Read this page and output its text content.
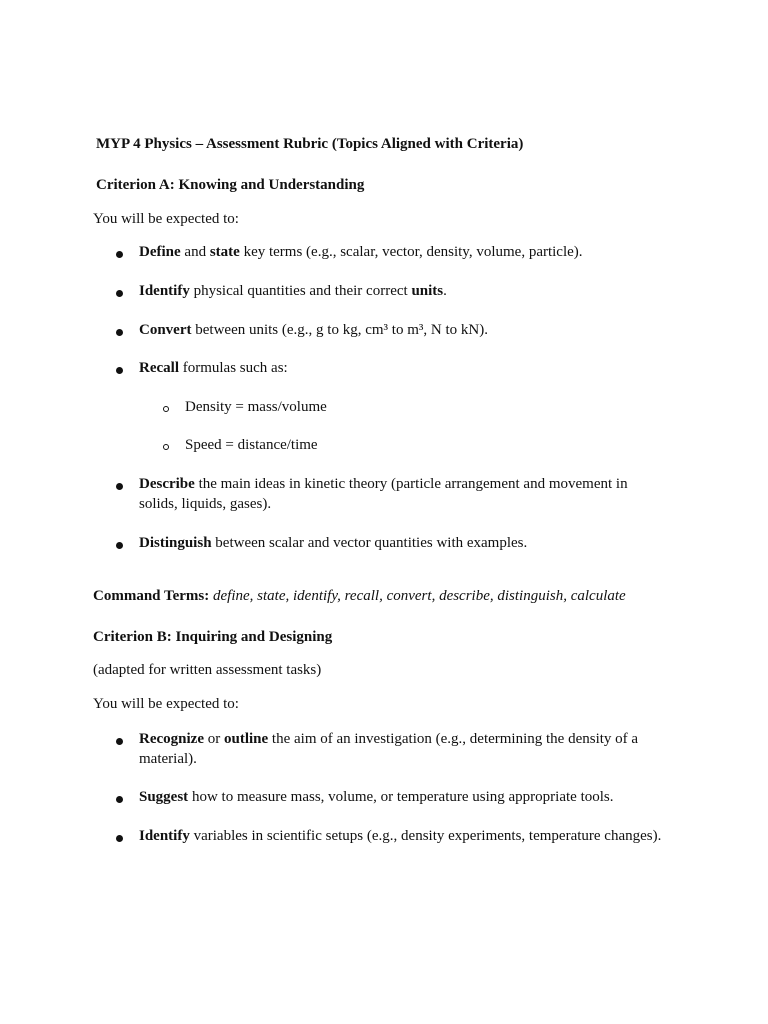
MYP 4 Physics – Assessment Rubric (Topics Aligned with Criteria)
Criterion A: Knowing and Understanding
You will be expected to:
Define and state key terms (e.g., scalar, vector, density, volume, particle).
Identify physical quantities and their correct units.
Convert between units (e.g., g to kg, cm³ to m³, N to kN).
Recall formulas such as:
Density = mass/volume
Speed = distance/time
Describe the main ideas in kinetic theory (particle arrangement and movement in solids, liquids, gases).
Distinguish between scalar and vector quantities with examples.
Command Terms: define, state, identify, recall, convert, describe, distinguish, calculate
Criterion B: Inquiring and Designing
(adapted for written assessment tasks)
You will be expected to:
Recognize or outline the aim of an investigation (e.g., determining the density of a material).
Suggest how to measure mass, volume, or temperature using appropriate tools.
Identify variables in scientific setups (e.g., density experiments, temperature changes).
